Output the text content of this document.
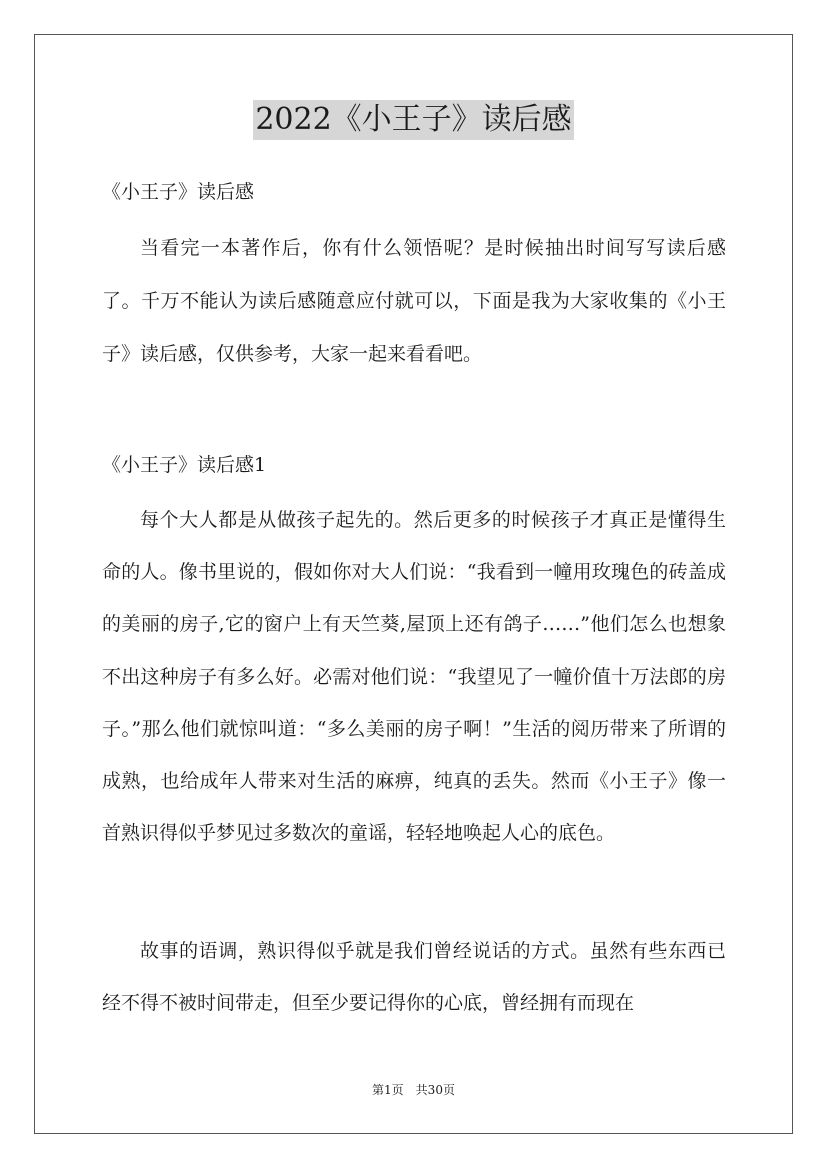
2022《小王子》读后感
《小王子》读后感

当看完一本著作后，你有什么领悟呢？是时候抽出时间写写读后感了。千万不能认为读后感随意应付就可以，下面是我为大家收集的《小王子》读后感，仅供参考，大家一起来看看吧。

《小王子》读后感1

每个大人都是从做孩子起先的。然后更多的时候孩子才真正是懂得生命的人。像书里说的，假如你对大人们说：“我看到一幢用玫瑰色的砖盖成的美丽的房子,它的窗户上有天竺葵,屋顶上还有鸽子……”他们怎么也想象不出这种房子有多么好。必需对他们说：“我望见了一幢价值十万法郎的房子。”那么他们就惊叫道：“多么美丽的房子啊！”生活的阅历带来了所谓的成熟，也给成年人带来对生活的麻痹，纯真的丢失。然而《小王子》像一首熟识得似乎梦见过多数次的童谣，轻轻地唤起人心的底色。

故事的语调，熟识得似乎就是我们曾经说话的方式。虽然有些东西已经不得不被时间带走，但至少要记得你的心底，曾经拥有而现在

第1页　共30页
